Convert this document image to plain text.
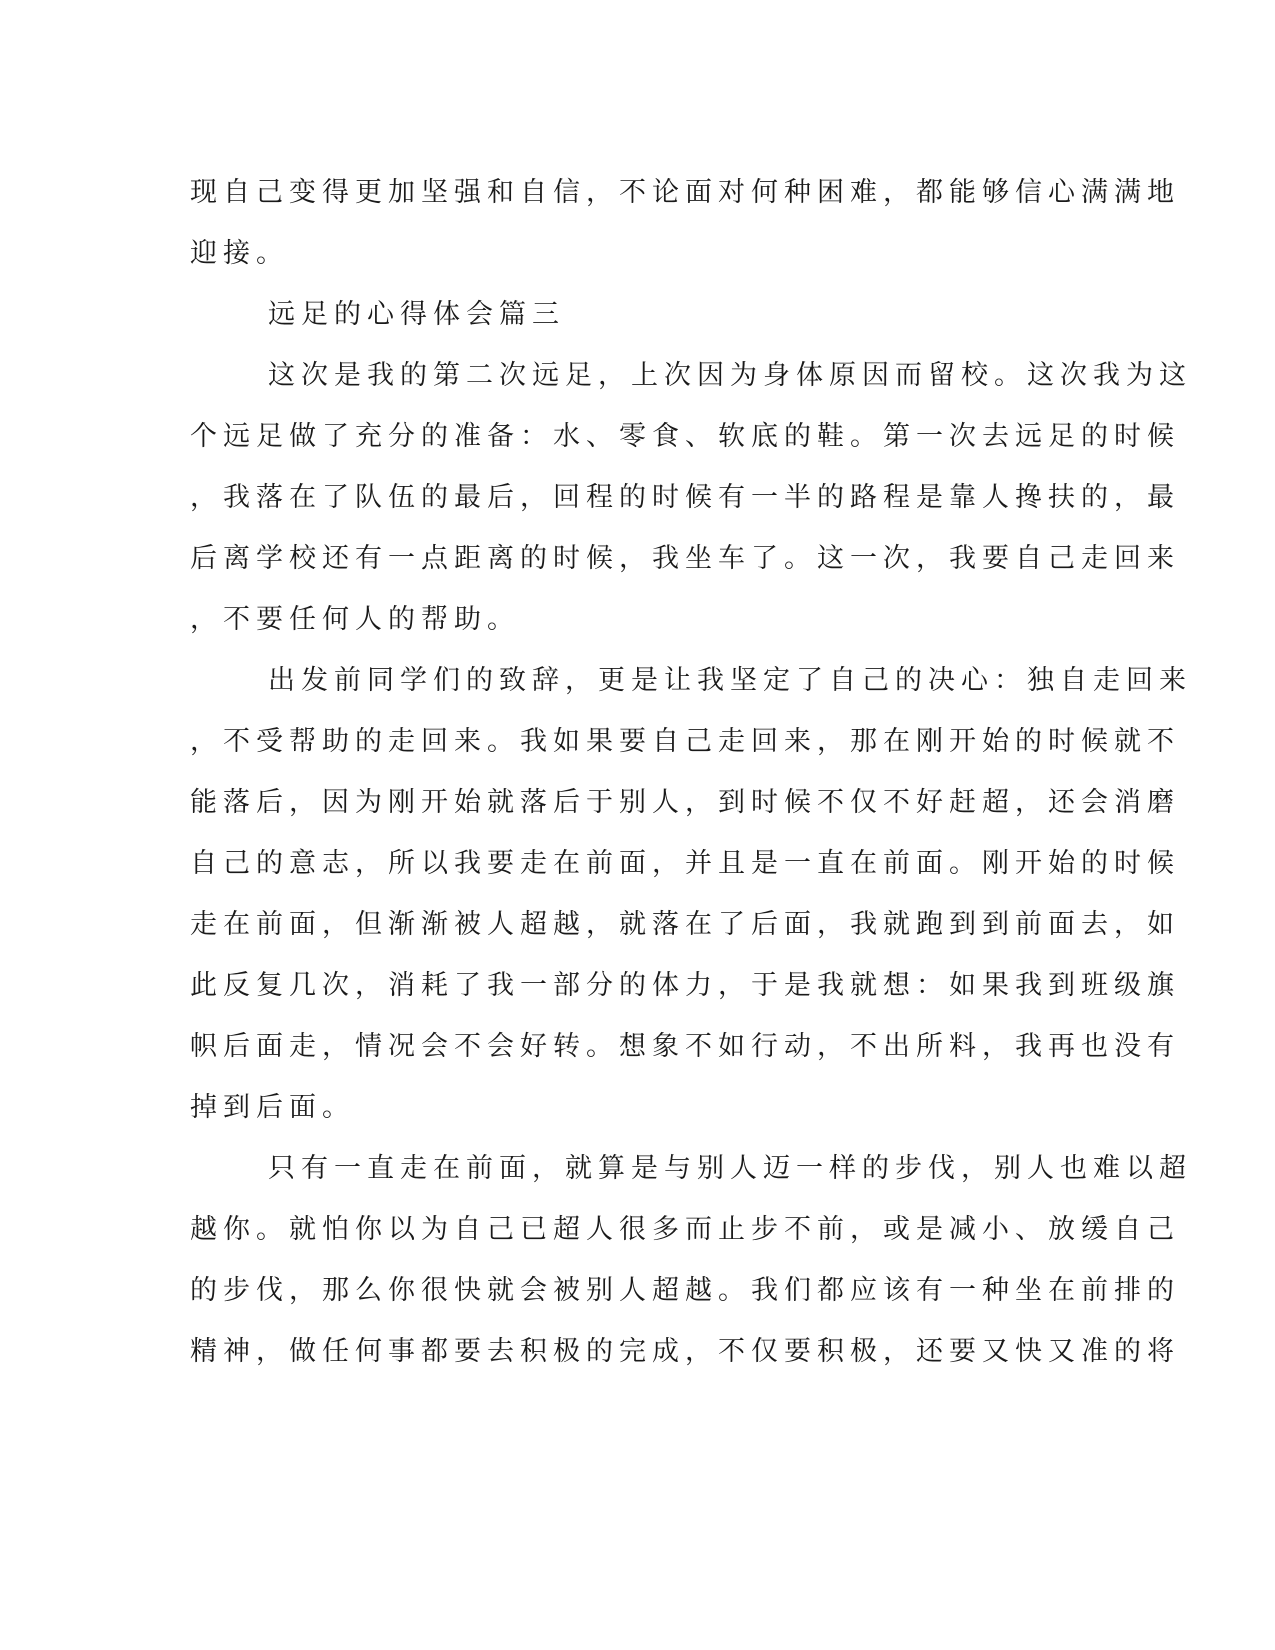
现自己变得更加坚强和自信，不论面对何种困难，都能够信心满满地
迎接。
远足的心得体会篇三
这次是我的第二次远足，上次因为身体原因而留校。这次我为这
个远足做了充分的准备：水、零食、软底的鞋。第一次去远足的时候
，我落在了队伍的最后，回程的时候有一半的路程是靠人搀扶的，最
后离学校还有一点距离的时候，我坐车了。这一次，我要自己走回来
，不要任何人的帮助。
出发前同学们的致辞，更是让我坚定了自己的决心：独自走回来
，不受帮助的走回来。我如果要自己走回来，那在刚开始的时候就不
能落后，因为刚开始就落后于别人，到时候不仅不好赶超，还会消磨
自己的意志，所以我要走在前面，并且是一直在前面。刚开始的时候
走在前面，但渐渐被人超越，就落在了后面，我就跑到到前面去，如
此反复几次，消耗了我一部分的体力，于是我就想：如果我到班级旗
帜后面走，情况会不会好转。想象不如行动，不出所料，我再也没有
掉到后面。
只有一直走在前面，就算是与别人迈一样的步伐，别人也难以超
越你。就怕你以为自己已超人很多而止步不前，或是减小、放缓自己
的步伐，那么你很快就会被别人超越。我们都应该有一种坐在前排的
精神，做任何事都要去积极的完成，不仅要积极，还要又快又准的将
